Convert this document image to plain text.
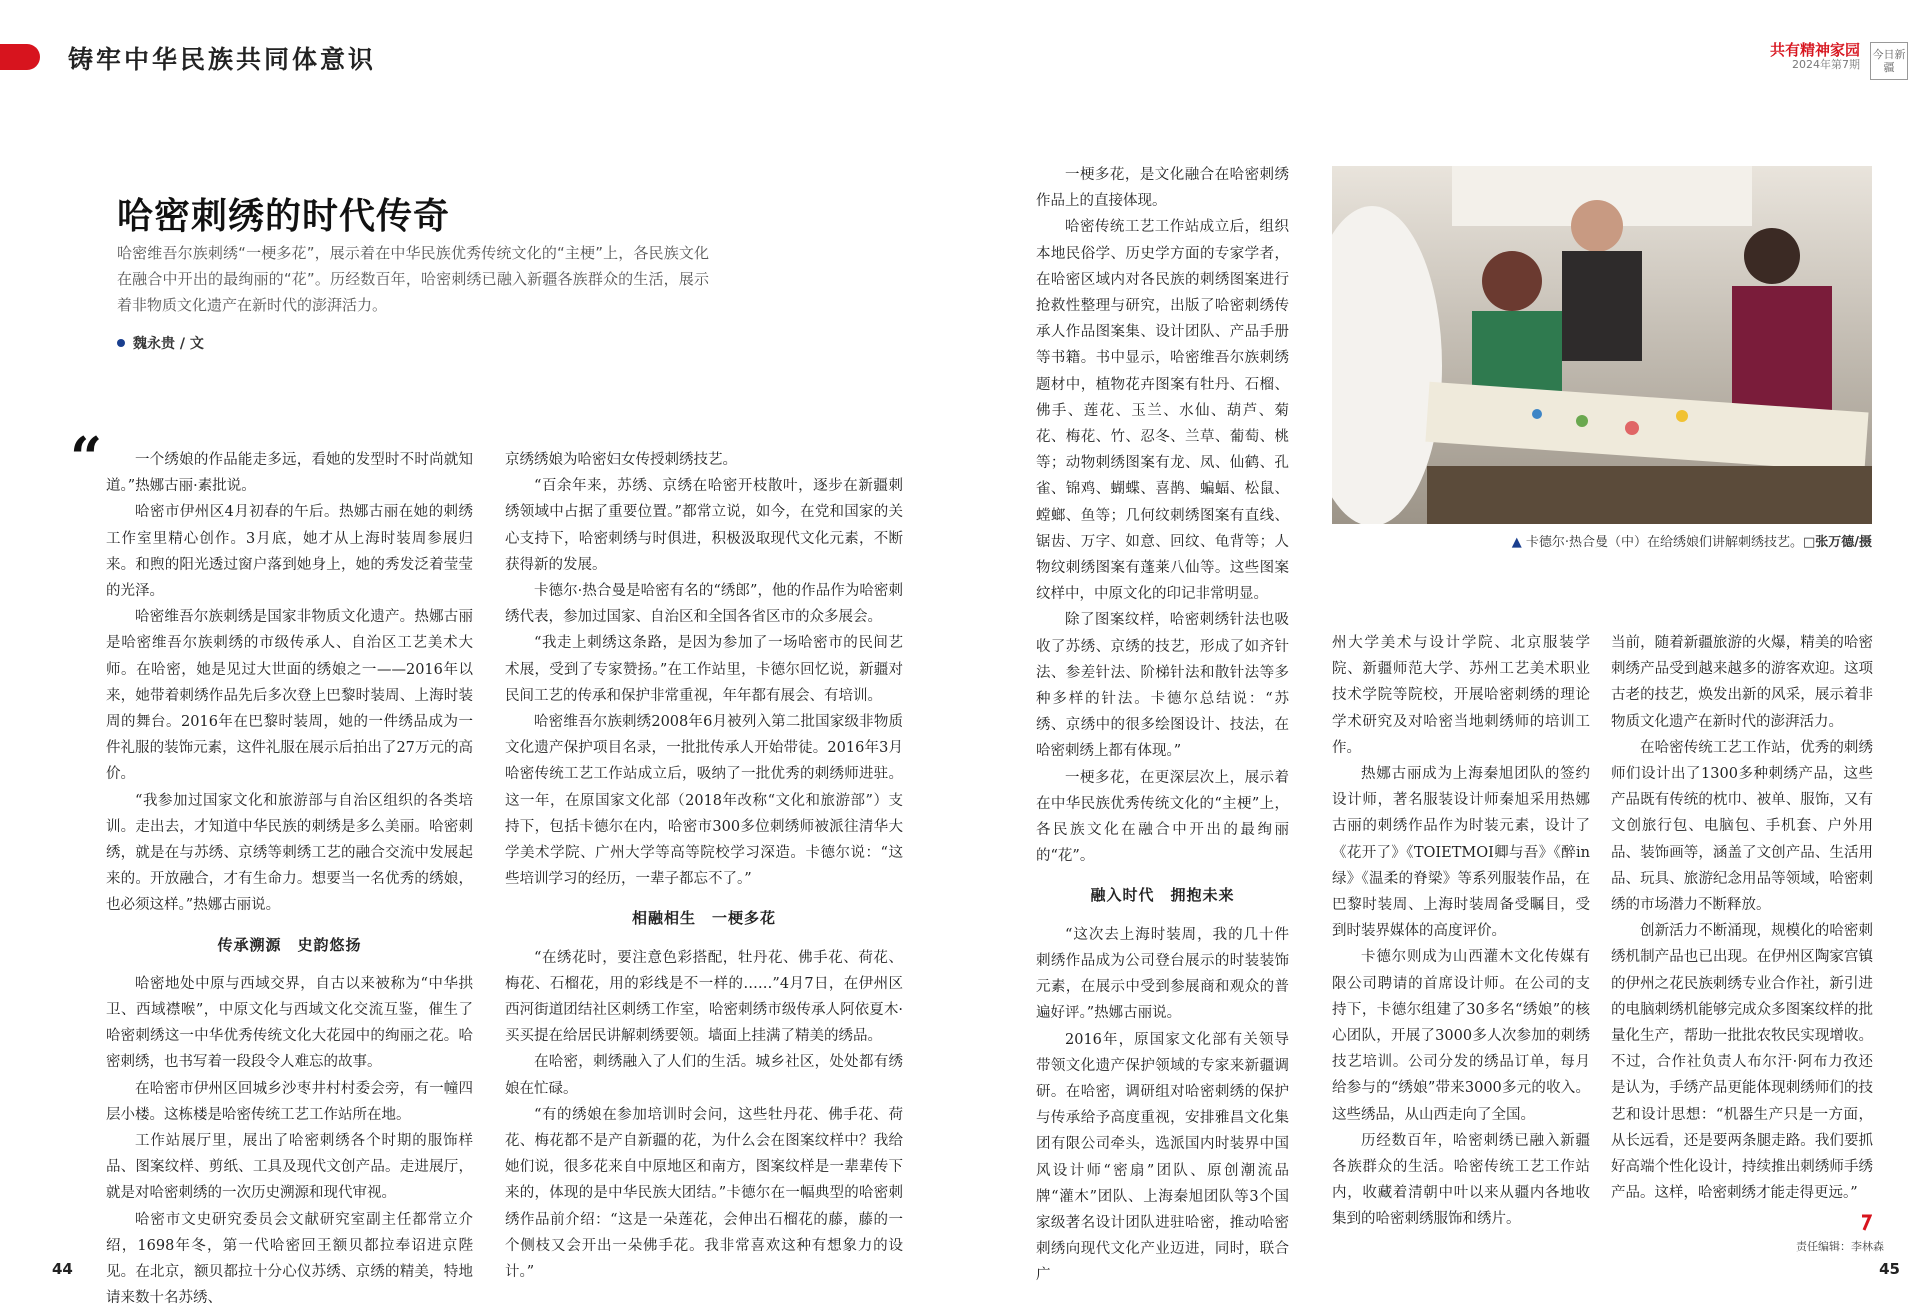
铸牢中华民族共同体意识	共有精神家园
2024年第7期
今日新疆
哈密刺绣的时代传奇
哈密维吾尔族刺绣“一梗多花”，展示着在中华民族优秀传统文化的“主梗”上，各民族文化在融合中开出的最绚丽的“花”。历经数百年，哈密刺绣已融入新疆各族群众的生活，展示着非物质文化遗产在新时代的澎湃活力。
魏永贵 / 文
“	一个绣娘的作品能走多远，看她的发型时不时尚就知道。”热娜古丽·素批说。

哈密市伊州区4月初春的午后。热娜古丽在她的刺绣工作室里精心创作。3月底，她才从上海时装周参展归来。和煦的阳光透过窗户落到她身上，她的秀发泛着莹莹的光泽。

哈密维吾尔族刺绣是国家非物质文化遗产。热娜古丽是哈密维吾尔族刺绣的市级传承人、自治区工艺美术大师。在哈密，她是见过大世面的绣娘之一——2016年以来，她带着刺绣作品先后多次登上巴黎时装周、上海时装周的舞台。2016年在巴黎时装周，她的一件绣品成为一件礼服的装饰元素，这件礼服在展示后拍出了27万元的高价。

“我参加过国家文化和旅游部与自治区组织的各类培训。走出去，才知道中华民族的刺绣是多么美丽。哈密刺绣，就是在与苏绣、京绣等刺绣工艺的融合交流中发展起来的。开放融合，才有生命力。想要当一名优秀的绣娘，也必须这样。”热娜古丽说。

传承溯源　史韵悠扬

哈密地处中原与西域交界，自古以来被称为“中华拱卫、西域襟喉”，中原文化与西域文化交流互鉴，催生了哈密刺绣这一中华优秀传统文化大花园中的绚丽之花。哈密刺绣，也书写着一段段令人难忘的故事。

在哈密市伊州区回城乡沙枣井村村委会旁，有一幢四层小楼。这栋楼是哈密传统工艺工作站所在地。

工作站展厅里，展出了哈密刺绣各个时期的服饰样品、图案纹样、剪纸、工具及现代文创产品。走进展厅，就是对哈密刺绣的一次历史溯源和现代审视。

哈密市文史研究委员会文献研究室副主任都常立介绍，1698年冬，第一代哈密回王额贝都拉奉诏进京陛见。在北京，额贝都拉十分心仪苏绣、京绣的精美，特地请来数十名苏绣、

京绣绣娘为哈密妇女传授刺绣技艺。

“百余年来，苏绣、京绣在哈密开枝散叶，逐步在新疆刺绣领域中占据了重要位置。”都常立说，如今，在党和国家的关心支持下，哈密刺绣与时俱进，积极汲取现代文化元素，不断获得新的发展。

卡德尔·热合曼是哈密有名的“绣郎”，他的作品作为哈密刺绣代表，参加过国家、自治区和全国各省区市的众多展会。

“我走上刺绣这条路，是因为参加了一场哈密市的民间艺术展，受到了专家赞扬。”在工作站里，卡德尔回忆说，新疆对民间工艺的传承和保护非常重视，年年都有展会、有培训。

哈密维吾尔族刺绣2008年6月被列入第二批国家级非物质文化遗产保护项目名录，一批批传承人开始带徒。2016年3月哈密传统工艺工作站成立后，吸纳了一批优秀的刺绣师进驻。这一年，在原国家文化部（2018年改称“文化和旅游部”）支持下，包括卡德尔在内，哈密市300多位刺绣师被派往清华大学美术学院、广州大学等高等院校学习深造。卡德尔说：“这些培训学习的经历，一辈子都忘不了。”

相融相生　一梗多花

“在绣花时，要注意色彩搭配，牡丹花、佛手花、荷花、梅花、石榴花，用的彩线是不一样的……”4月7日，在伊州区西河街道团结社区刺绣工作室，哈密刺绣市级传承人阿依夏木·买买提在给居民讲解刺绣要领。墙面上挂满了精美的绣品。

在哈密，刺绣融入了人们的生活。城乡社区，处处都有绣娘在忙碌。

“有的绣娘在参加培训时会问，这些牡丹花、佛手花、荷花、梅花都不是产自新疆的花，为什么会在图案纹样中？我给她们说，很多花来自中原地区和南方，图案纹样是一辈辈传下来的，体现的是中华民族大团结。”卡德尔在一幅典型的哈密刺绣作品前介绍：“这是一朵莲花，会伸出石榴花的藤，藤的一个侧枝又会开出一朵佛手花。我非常喜欢这种有想象力的设计。”

一梗多花，是文化融合在哈密刺绣作品上的直接体现。

哈密传统工艺工作站成立后，组织本地民俗学、历史学方面的专家学者，在哈密区域内对各民族的刺绣图案进行抢救性整理与研究，出版了哈密刺绣传承人作品图案集、设计团队、产品手册等书籍。书中显示，哈密维吾尔族刺绣题材中，植物花卉图案有牡丹、石榴、佛手、莲花、玉兰、水仙、葫芦、菊花、梅花、竹、忍冬、兰草、葡萄、桃等；动物刺绣图案有龙、凤、仙鹤、孔雀、锦鸡、蝴蝶、喜鹊、蝙蝠、松鼠、螳螂、鱼等；几何纹刺绣图案有直线、锯齿、万字、如意、回纹、龟背等；人物纹刺绣图案有蓬莱八仙等。这些图案纹样中，中原文化的印记非常明显。

除了图案纹样，哈密刺绣针法也吸收了苏绣、京绣的技艺，形成了如齐针法、参差针法、阶梯针法和散针法等多种多样的针法。卡德尔总结说：“苏绣、京绣中的很多绘图设计、技法，在哈密刺绣上都有体现。”

一梗多花，在更深层次上，展示着在中华民族优秀传统文化的“主梗”上，各民族文化在融合中开出的最绚丽的“花”。

融入时代　拥抱未来

“这次去上海时装周，我的几十件刺绣作品成为公司登台展示的时装装饰元素，在展示中受到参展商和观众的普遍好评。”热娜古丽说。

2016年，原国家文化部有关领导带领文化遗产保护领域的专家来新疆调研。在哈密，调研组对哈密刺绣的保护与传承给予高度重视，安排雅昌文化集团有限公司牵头，选派国内时装界中国风设计师“密扇”团队、原创潮流品牌“灌木”团队、上海秦旭团队等3个国家级著名设计团队进驻哈密，推动哈密刺绣向现代文化产业迈进，同时，联合广

州大学美术与设计学院、北京服装学院、新疆师范大学、苏州工艺美术职业技术学院等院校，开展哈密刺绣的理论学术研究及对哈密当地刺绣师的培训工作。

热娜古丽成为上海秦旭团队的签约设计师，著名服装设计师秦旭采用热娜古丽的刺绣作品作为时装元素，设计了《花开了》《TOIETMOI卿与吾》《醉in绿》《温柔的脊梁》等系列服装作品，在巴黎时装周、上海时装周备受瞩目，受到时装界媒体的高度评价。

卡德尔则成为山西灌木文化传媒有限公司聘请的首席设计师。在公司的支持下，卡德尔组建了30多名“绣娘”的核心团队，开展了3000多人次参加的刺绣技艺培训。公司分发的绣品订单，每月给参与的“绣娘”带来3000多元的收入。这些绣品，从山西走向了全国。

历经数百年，哈密刺绣已融入新疆各族群众的生活。哈密传统工艺工作站内，收藏着清朝中叶以来从疆内各地收集到的哈密刺绣服饰和绣片。

当前，随着新疆旅游的火爆，精美的哈密刺绣产品受到越来越多的游客欢迎。这项古老的技艺，焕发出新的风采，展示着非物质文化遗产在新时代的澎湃活力。

在哈密传统工艺工作站，优秀的刺绣师们设计出了1300多种刺绣产品，这些产品既有传统的枕巾、被单、服饰，又有文创旅行包、电脑包、手机套、户外用品、装饰画等，涵盖了文创产品、生活用品、玩具、旅游纪念用品等领域，哈密刺绣的市场潜力不断释放。

创新活力不断涌现，规模化的哈密刺绣机制产品也已出现。在伊州区陶家宫镇的伊州之花民族刺绣专业合作社，新引进的电脑刺绣机能够完成众多图案纹样的批量化生产，帮助一批批农牧民实现增收。不过，合作社负责人布尔汗·阿布力孜还是认为，手绣产品更能体现刺绣师们的技艺和设计思想：“机器生产只是一方面，从长远看，还是要两条腿走路。我们要抓好高端个性化设计，持续推出刺绣师手绣产品。这样，哈密刺绣才能走得更远。”

▲ 卡德尔·热合曼（中）在给绣娘们讲解刺绣技艺。□张万德/摄
44	45
责任编辑：李林森
